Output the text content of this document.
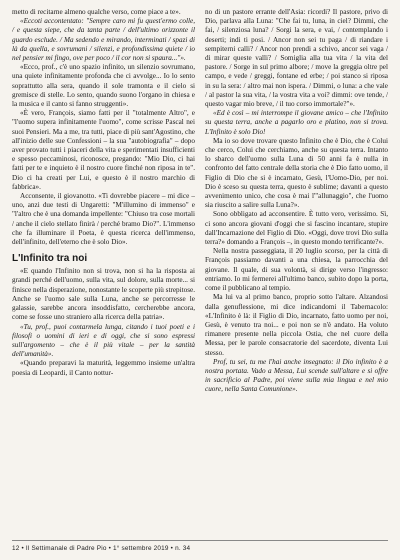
metto di recitarne almeno qualche verso, come piace a te».

«Eccoti accontentato: "Sempre caro mi fu quest'ermo colle, / e questa siepe, che da tanta parte / dell'ultimo orizzonte il guardo esclude. / Ma sedendo e mirando, interminati / spazi di là da quella, e sovrumani / silenzi, e profondissima quiete / io nel pensier mi fingo, ove per poco / il cor non si spaura..."».

«Ecco, prof., c'è uno spazio infinito, un silenzio sovrumano, una quiete infinitamente profonda che ci avvolge... Io lo sento soprattutto alla sera, quando il sole tramonta e il cielo si gremisce di stelle. Lo sento, quando suono l'organo in chiesa e la musica e il canto si fanno struggenti».

«È vero, François, siamo fatti per il "totalmente Altro", e "l'uomo supera infinitamente l'uomo", come scrisse Pascal nei suoi Pensieri. Ma a me, tra tutti, piace di più sant'Agostino, che all'inizio delle sue Confessioni – la sua "autobiografia" – dopo aver provato tutti i piaceri della vita e sperimentati insufficienti e spesso peccaminosi, riconosce, pregando: "Mio Dio, ci hai fatti per te e inquieto è il nostro cuore finché non riposa in te". Dio ci ha creati per Lui, e questo è il nostro marchio di fabbrica».

Acconsente, il giovanotto. «Ti dovrebbe piacere – mi dice – uno, anzi due testi di Ungaretti: "M'illumino di immenso" e "l'altro che è una domanda impellente: "Chiuso tra cose mortali / anche il cielo stellato finirà / perché bramo Dio?". L'immenso che fa illuminare il Poeta, è questa ricerca dell'immenso, dell'infinito, dell'eterno che è solo Dio».

L'Infinito tra noi

«E quando l'Infinito non si trova, non si ha la risposta ai grandi perché dell'uomo, sulla vita, sul dolore, sulla morte... si finisce nella disperazione, nonostante le scoperte più strepitose. Anche se l'uomo sale sulla Luna, anche se percorresse le galassie, sarebbe ancora insoddisfatto, cercherebbe ancora, come se fosse uno straniero alla ricerca della patria».

«Tu, prof., puoi contarmela lunga, citando i tuoi poeti e i filosofi o uomini di ieri e di oggi, che si sono espressi sull'argomento – che è il più vitale – per la santità dell'umanità».

«Quando preparavi la maturità, leggemmo insieme un'altra poesia di Leopardi, il Canto nottur-

no di un pastore errante dell'Asia: ricordi? Il pastore, privo di Dio, parlava alla Luna: "Che fai tu, luna, in ciel? Dimmi, che fai, / silenziosa luna? / Sorgi la sera, e vai, / contemplando i deserti; indi ti posi. / Ancor non sei tu paga / di riandare i sempiterni calli? / Ancor non prendi a schivo, ancor sei vaga / di mirar queste valli? / Somiglia alla tua vita / la vita del pastore. / Sorge in sul primo albore; / move la greggia oltre pel campo, e vede / greggi, fontane ed erbe; / poi stanco si riposa in su la sera: / altro mai non ispera. / Dimmi, o luna: a che vale / al pastor la sua vita, / la vostra vita a voi? dimmi: ove tende, / questo vagar mio breve, / il tuo corso immortale?"».

«Ed è così – mi interrompe il giovane amico – che l'Infinito su questa terra, anche a pagarlo oro e platino, non si trova. L'Infinito è solo Dio!

Ma io so dove trovare questo Infinito che è Dio, che è Colui che cerco, Colui che cerchiamo, anche su questa terra. Intanto lo sbarco dell'uomo sulla Luna di 50 anni fa è nulla in confronto del fatto centrale della storia che è Dio fatto uomo, il Figlio di Dio che si è incarnato, Gesù, l'Uomo-Dio, per noi. Dio è sceso su questa terra, questo è sublime; davanti a questo avvenimento unico, che cosa è mai l'"allunaggio", che l'uomo sia riuscito a salire sulla Luna?».

Sono obbligato ad acconsentire. È tutto vero, verissimo. Sì, ci sono ancora giovani d'oggi che si fascino incantare, stupire dall'Incarnazione del Figlio di Dio. «Oggi, dove trovi Dio sulla terra?» domando a François –, in questo mondo terrificante?».

Nella nostra passeggiata, il 20 luglio scorso, per la città di François passiamo davanti a una chiesa, la parrocchia del giovane. Il quale, di sua volontà, si dirige verso l'ingresso: entriamo. Io mi fermerei all'ultimo banco, subito dopo la porta, come il pubblicano al tempio.

Ma lui va al primo banco, proprio sotto l'altare. Alzandosi dalla genuflessione, mi dice indicandomi il Tabernacolo: «L'Infinito è là: il Figlio di Dio, incarnato, fatto uomo per noi, Gesù, è venuto tra noi... e poi non se n'è andato. Ha voluto rimanere presente nella piccola Ostia, che nel cuore della Messa, per le parole consacratorie del sacerdote, diventa Lui stesso.

Prof, tu sei, tu me l'hai anche insegnato: il Dio infinito è a nostra portata. Vado a Messa, Lui scende sull'altare e si offre in sacrificio al Padre, poi viene sulla mia lingua e nel mio cuore, nella Santa Comunione».

12 • Il Settimanale di Padre Pio • 1° settembre 2019 • n. 34
